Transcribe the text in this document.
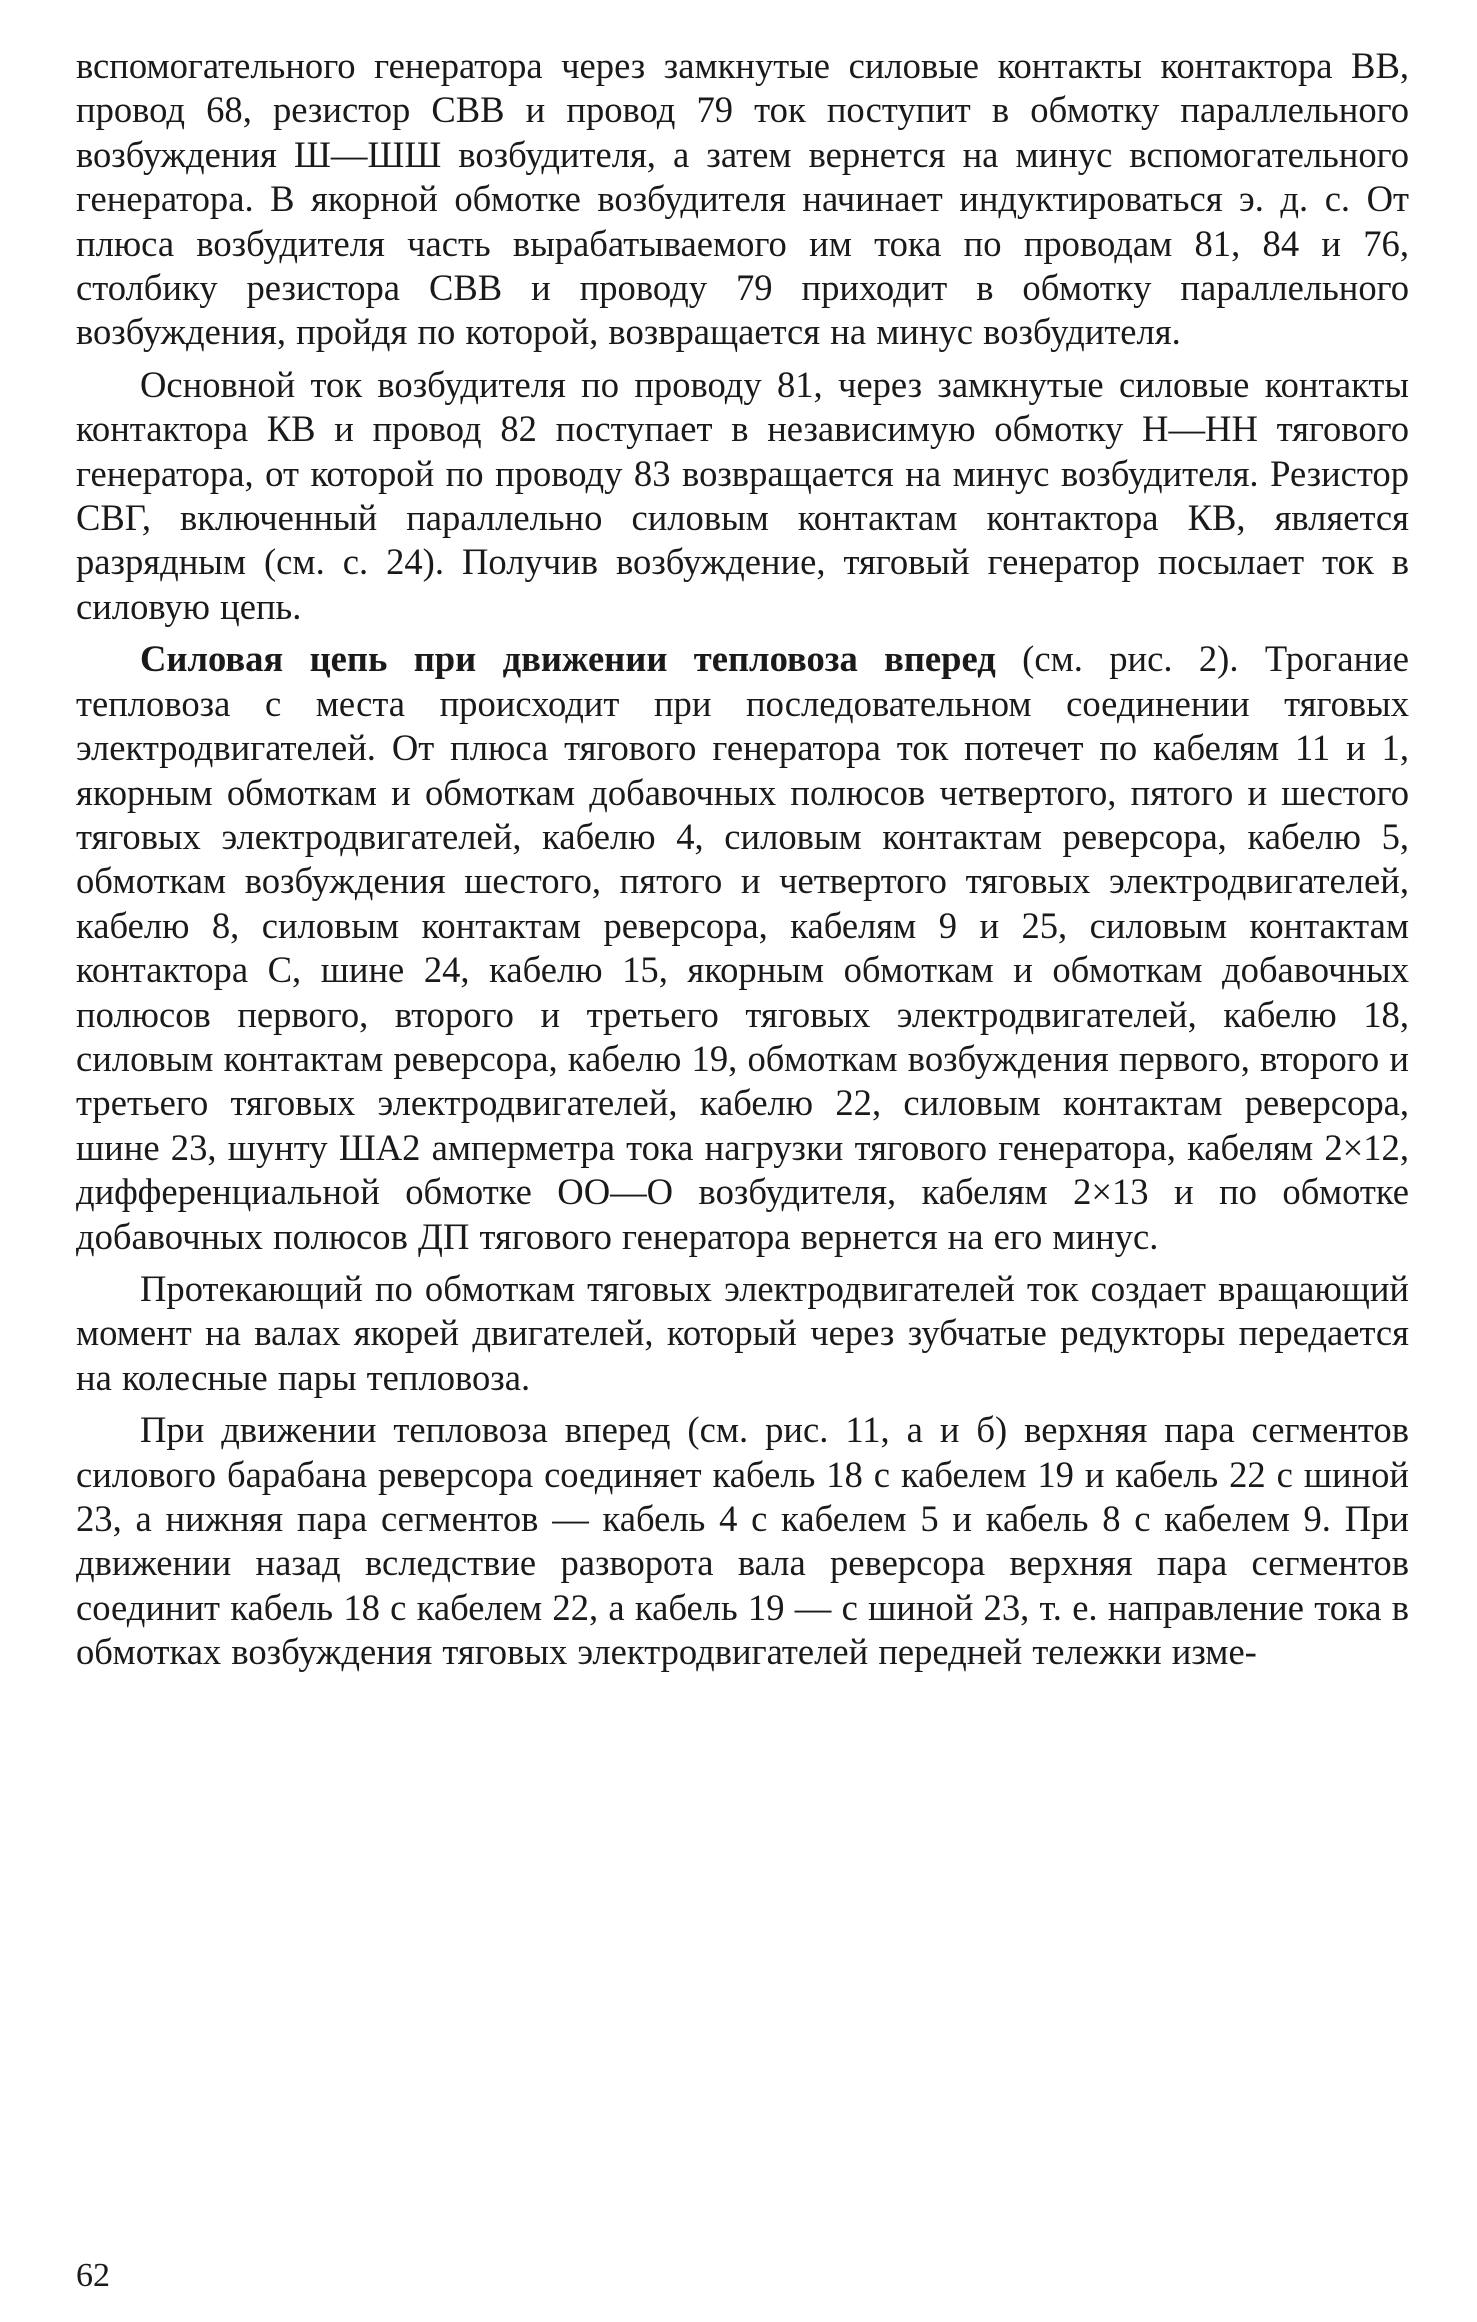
вспомогательного генератора через замкнутые силовые контакты контактора ВВ, провод 68, резистор СВВ и провод 79 ток поступит в обмотку параллельного возбуждения Ш—ШШ возбудителя, а затем вернется на минус вспомогательного генератора. В якорной обмотке возбудителя начинает индуктироваться э. д. с. От плюса возбудителя часть вырабатываемого им тока по проводам 81, 84 и 76, столбику резистора СВВ и проводу 79 приходит в обмотку параллельного возбуждения, пройдя по которой, возвращается на минус возбудителя.

Основной ток возбудителя по проводу 81, через замкнутые силовые контакты контактора КВ и провод 82 поступает в независимую обмотку Н—НН тягового генератора, от которой по проводу 83 возвращается на минус возбудителя. Резистор СВГ, включенный параллельно силовым контактам контактора КВ, является разрядным (см. с. 24). Получив возбуждение, тяговый генератор посылает ток в силовую цепь.

Силовая цепь при движении тепловоза вперед (см. рис. 2). Трогание тепловоза с места происходит при последовательном соединении тяговых электродвигателей. От плюса тягового генератора ток потечет по кабелям 11 и 1, якорным обмоткам и обмоткам добавочных полюсов четвертого, пятого и шестого тяговых электродвигателей, кабелю 4, силовым контактам реверсора, кабелю 5, обмоткам возбуждения шестого, пятого и четвертого тяговых электродвигателей, кабелю 8, силовым контактам реверсора, кабелям 9 и 25, силовым контактам контактора С, шине 24, кабелю 15, якорным обмоткам и обмоткам добавочных полюсов первого, второго и третьего тяговых электродвигателей, кабелю 18, силовым контактам реверсора, кабелю 19, обмоткам возбуждения первого, второго и третьего тяговых электродвигателей, кабелю 22, силовым контактам реверсора, шине 23, шунту ША2 амперметра тока нагрузки тягового генератора, кабелям 2×12, дифференциальной обмотке ОО—О возбудителя, кабелям 2×13 и по обмотке добавочных полюсов ДП тягового генератора вернется на его минус.

Протекающий по обмоткам тяговых электродвигателей ток создает вращающий момент на валах якорей двигателей, который через зубчатые редукторы передается на колесные пары тепловоза.

При движении тепловоза вперед (см. рис. 11, а и б) верхняя пара сегментов силового барабана реверсора соединяет кабель 18 с кабелем 19 и кабель 22 с шиной 23, а нижняя пара сегментов — кабель 4 с кабелем 5 и кабель 8 с кабелем 9. При движении назад вследствие разворота вала реверсора верхняя пара сегментов соединит кабель 18 с кабелем 22, а кабель 19 — с шиной 23, т. е. направление тока в обмотках возбуждения тяговых электродвигателей передней тележки изме-

62
